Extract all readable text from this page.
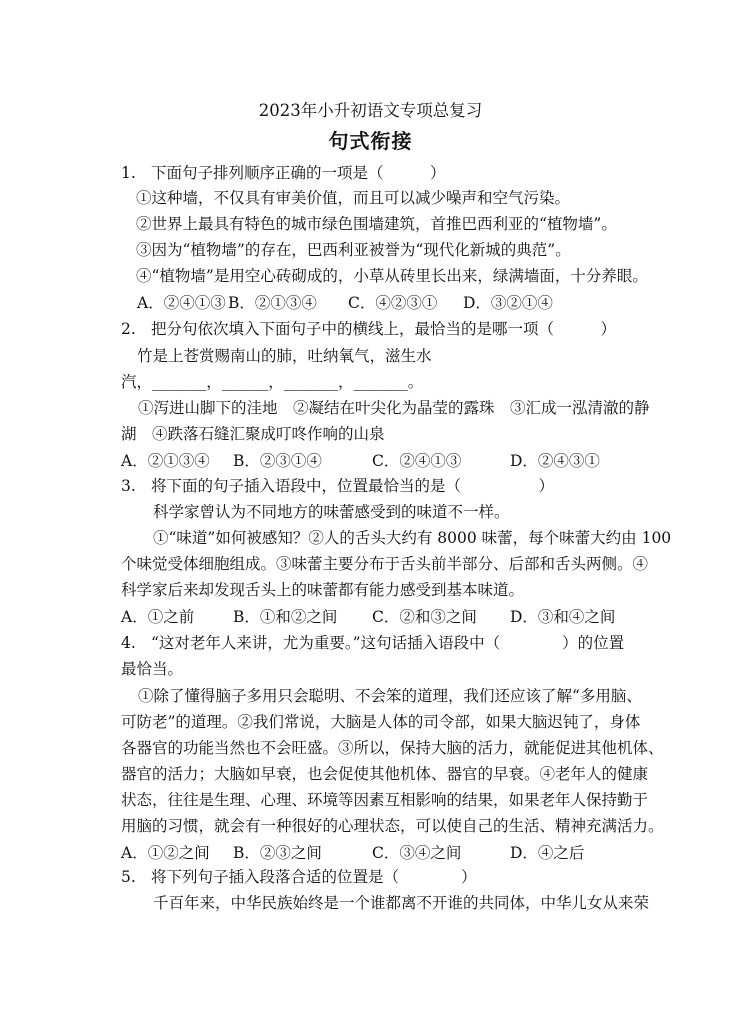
2023年小升初语文专项总复习
句式衔接
1. 下面句子排列顺序正确的一项是（　　　）
①这种墙，不仅具有审美价值，而且可以减少噪声和空气污染。
②世界上最具有特色的城市绿色围墙建筑，首推巴西利亚的“植物墙”。
③因为“植物墙”的存在，巴西利亚被誉为“现代化新城的典范”。
④“植物墙”是用空心砖砌成的，小草从砖里长出来，绿满墙面，十分养眼。
A．②④①③ B．②①③④ C．④②③① D．③②①④
2. 把分句依次填入下面句子中的横线上，最恰当的是哪一项（　　　）
竹是上苍赏赐南山的肺，吐纳氧气，滋生水
汽，_______，______，_______，_______。
①泻进山脚下的洼地　②凝结在叶尖化为晶莹的露珠　③汇成一泓清澈的静
湖　④跌落石缝汇聚成叮咚作响的山泉
A．②①③④ B．②③①④	C．②④①③	D．②④③①
3. 将下面的句子插入语段中，位置最恰当的是（　　　　　）
科学家曾认为不同地方的味蕾感受到的味道不一样。
①“味道”如何被感知？②人的舌头大约有 8000 味蕾，每个味蕾大约由 100
个味觉受体细胞组成。③味蕾主要分布于舌头前半部分、后部和舌头两侧。④
科学家后来却发现舌头上的味蕾都有能力感受到基本味道。
A．①之前	B．①和②之间 C．②和③之间 D．③和④之间
4. “这对老年人来讲，尤为重要。”这句话插入语段中（　　　　）的位置
最恰当。
①除了懂得脑子多用只会聪明、不会笨的道理，我们还应该了解“多用脑、
可防老”的道理。②我们常说，大脑是人体的司令部，如果大脑迟钝了，身体
各器官的功能当然也不会旺盛。③所以，保持大脑的活力，就能促进其他机体、
器官的活力；大脑如早衰，也会促使其他机体、器官的早衰。④老年人的健康
状态，往往是生理、心理、环境等因素互相影响的结果，如果老年人保持勤于
用脑的习惯，就会有一种很好的心理状态，可以使自己的生活、精神充满活力。
A．①②之间 B．②③之间	C．③④之间	D．④之后
5. 将下列句子插入段落合适的位置是（　　　　）
千百年来，中华民族始终是一个谁都离不开谁的共同体，中华儿女从来荣
